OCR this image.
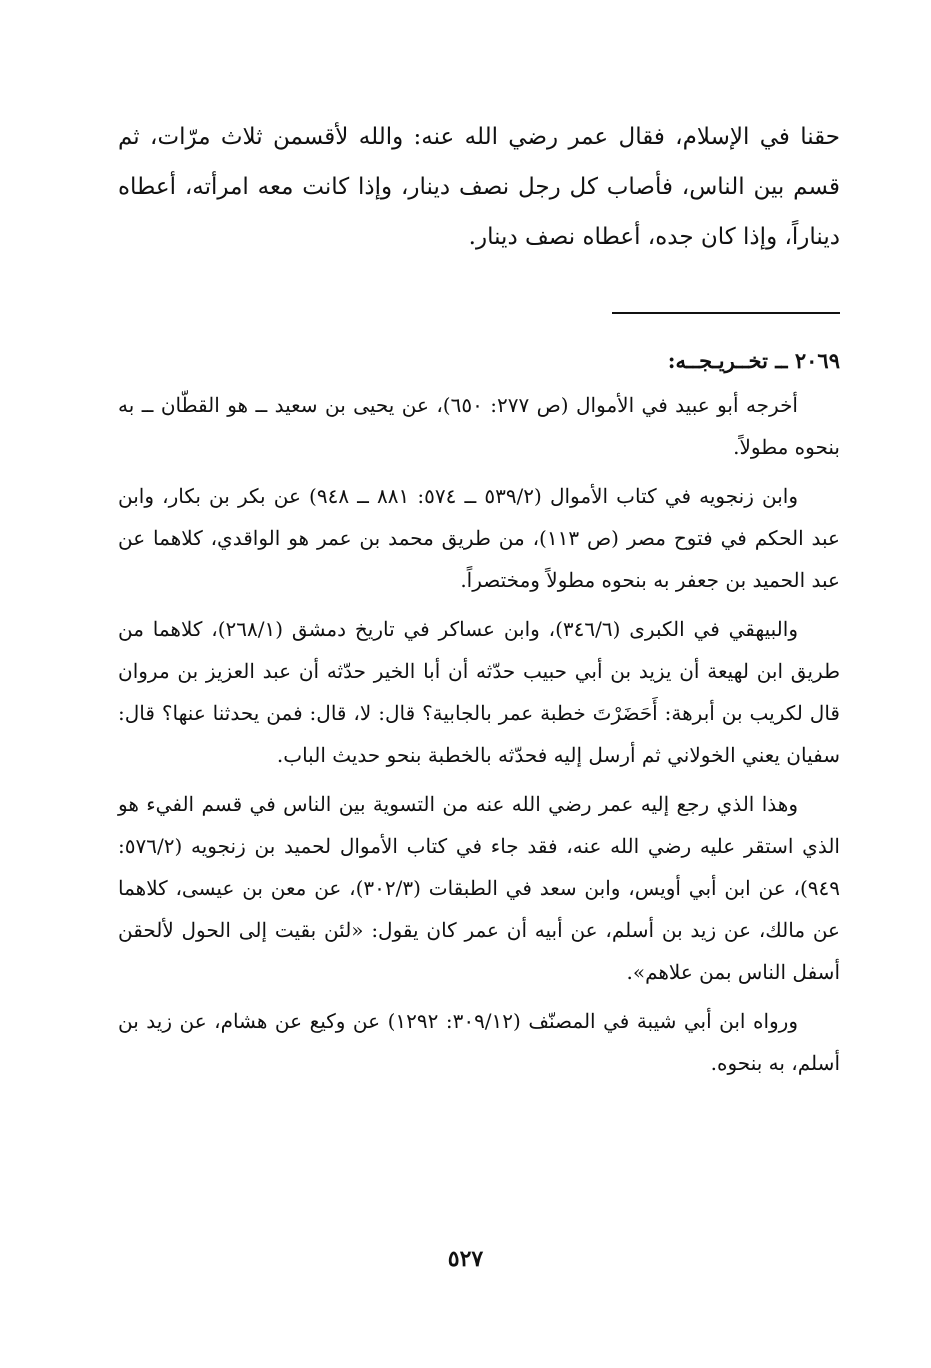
حقنا في الإسلام، فقال عمر رضي الله عنه: والله لأقسمن ثلاث مرّات، ثم قسم بين الناس، فأصاب كل رجل نصف دينار، وإذا كانت معه امرأته، أعطاه ديناراً، وإذا كان جده، أعطاه نصف دينار.

٢٠٦٩ ــ تخــريـجــه:

أخرجه أبو عبيد في الأموال (ص ٢٧٧: ٦٥٠)، عن يحيى بن سعيد ــ هو القطّان ــ به بنحوه مطولاً.

وابن زنجويه في كتاب الأموال (٥٣٩/٢ ــ ٥٧٤: ٨٨١ ــ ٩٤٨) عن بكر بن بكار، وابن عبد الحكم في فتوح مصر (ص ١١٣)، من طريق محمد بن عمر هو الواقدي، كلاهما عن عبد الحميد بن جعفر به بنحوه مطولاً ومختصراً.

والبيهقي في الكبرى (٣٤٦/٦)، وابن عساكر في تاريخ دمشق (٢٦٨/١)، كلاهما من طريق ابن لهيعة أن يزيد بن أبي حبيب حدّثه أن أبا الخير حدّثه أن عبد العزيز بن مروان قال لكريب بن أبرهة: أَحَضَرْتَ خطبة عمر بالجابية؟ قال: لا، قال: فمن يحدثنا عنها؟ قال: سفيان يعني الخولاني ثم أرسل إليه فحدّثه بالخطبة بنحو حديث الباب.

وهذا الذي رجع إليه عمر رضي الله عنه من التسوية بين الناس في قسم الفيء هو الذي استقر عليه رضي الله عنه، فقد جاء في كتاب الأموال لحميد بن زنجويه (٥٧٦/٢: ٩٤٩)، عن ابن أبي أويس، وابن سعد في الطبقات (٣٠٢/٣)، عن معن بن عيسى، كلاهما عن مالك، عن زيد بن أسلم، عن أبيه أن عمر كان يقول: «لئن بقيت إلى الحول لألحقن أسفل الناس بمن علاهم».

ورواه ابن أبي شيبة في المصنّف (٣٠٩/١٢: ١٢٩٢) عن وكيع عن هشام، عن زيد بن أسلم، به بنحوه.

٥٢٧
